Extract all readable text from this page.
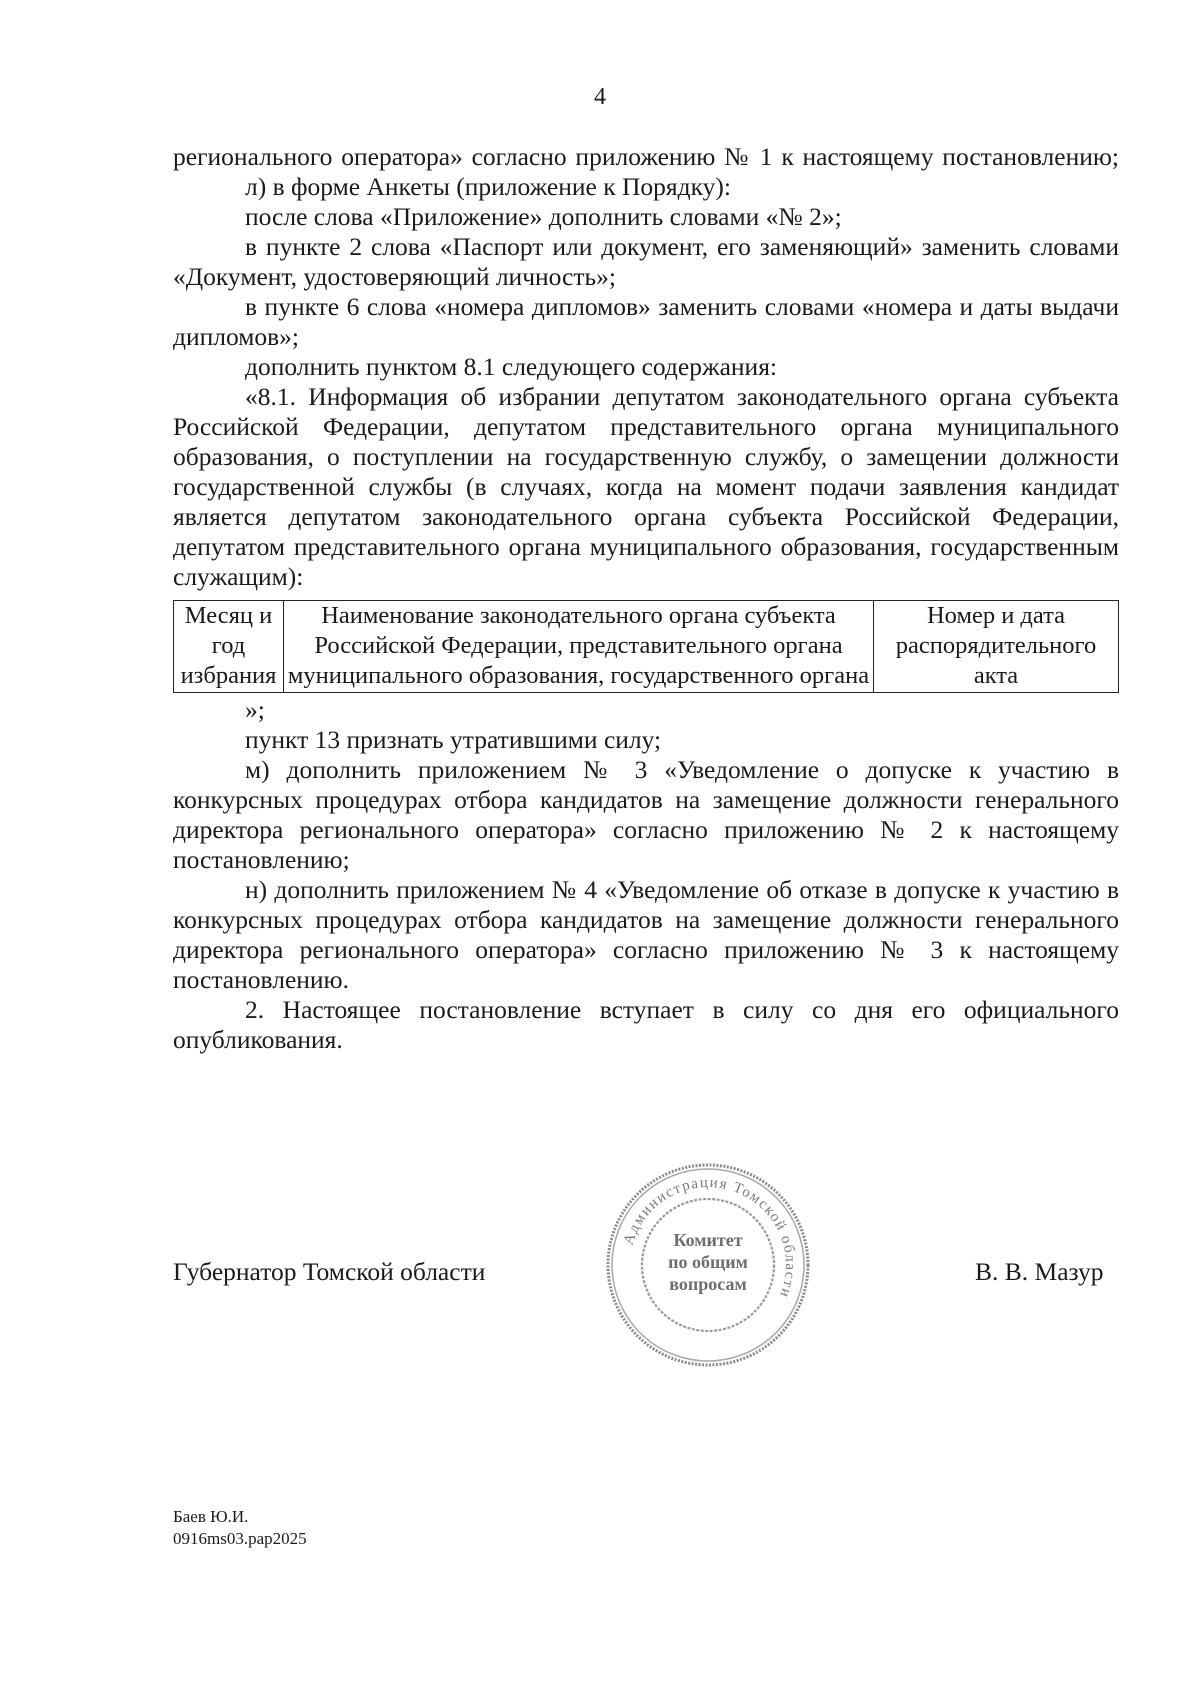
4

регионального оператора» согласно приложению № 1 к настоящему постановлению;

л) в форме Анкеты (приложение к Порядку):

после слова «Приложение» дополнить словами «№ 2»;

в пункте 2 слова «Паспорт или документ, его заменяющий» заменить словами «Документ, удостоверяющий личность»;

в пункте 6 слова «номера дипломов» заменить словами «номера и даты выдачи дипломов»;

дополнить пунктом 8.1 следующего содержания:

«8.1. Информация об избрании депутатом законодательного органа субъекта Российской Федерации, депутатом представительного органа муниципального образования, о поступлении на государственную службу, о замещении должности государственной службы (в случаях, когда на момент подачи заявления кандидат является депутатом законодательного органа субъекта Российской Федерации, депутатом представительного органа муниципального образования, государственным служащим):

Месяц и год избрания	Наименование законодательного органа субъекта Российской Федерации, представительного органа муниципального образования, государственного органа	Номер и дата распорядительного акта

»;

пункт 13 признать утратившими силу;

м) дополнить приложением № 3 «Уведомление о допуске к участию в конкурсных процедурах отбора кандидатов на замещение должности генерального директора регионального оператора» согласно приложению № 2 к настоящему постановлению;

н) дополнить приложением № 4 «Уведомление об отказе в допуске к участию в конкурсных процедурах отбора кандидатов на замещение должности генерального директора регионального оператора» согласно приложению № 3 к настоящему постановлению.

2. Настоящее постановление вступает в силу со дня его официального опубликования.

Губернатор Томской области
Администрация Томской области
Комитет
по общим
вопросам	В. В. Мазур
Баев Ю.И.
0916ms03.pap2025
